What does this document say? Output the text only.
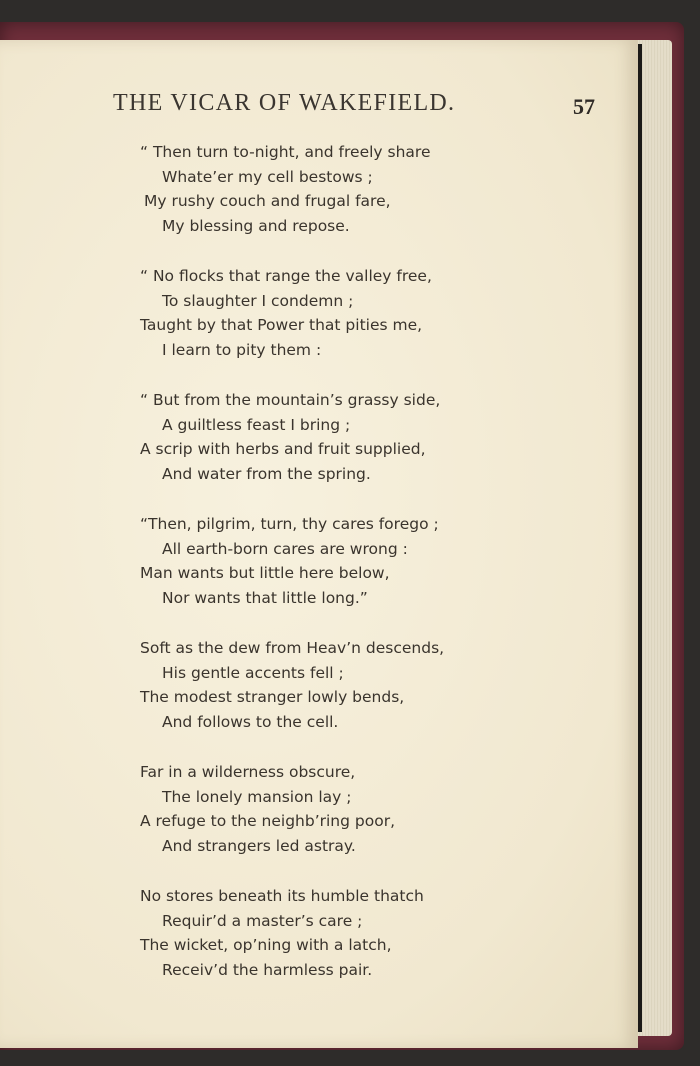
THE VICAR OF WAKEFIELD.	57
“ Then turn to-night, and freely share
Whate’er my cell bestows ;
My rushy couch and frugal fare,
My blessing and repose.
“ No flocks that range the valley free,
To slaughter I condemn ;
Taught by that Power that pities me,
I learn to pity them :
“ But from the mountain’s grassy side,
A guiltless feast I bring ;
A scrip with herbs and fruit supplied,
And water from the spring.
“Then, pilgrim, turn, thy cares forego ;
All earth-born cares are wrong :
Man wants but little here below,
Nor wants that little long.”
Soft as the dew from Heav’n descends,
His gentle accents fell ;
The modest stranger lowly bends,
And follows to the cell.
Far in a wilderness obscure,
The lonely mansion lay ;
A refuge to the neighb’ring poor,
And strangers led astray.
No stores beneath its humble thatch
Requir’d a master’s care ;
The wicket, op’ning with a latch,
Receiv’d the harmless pair.
